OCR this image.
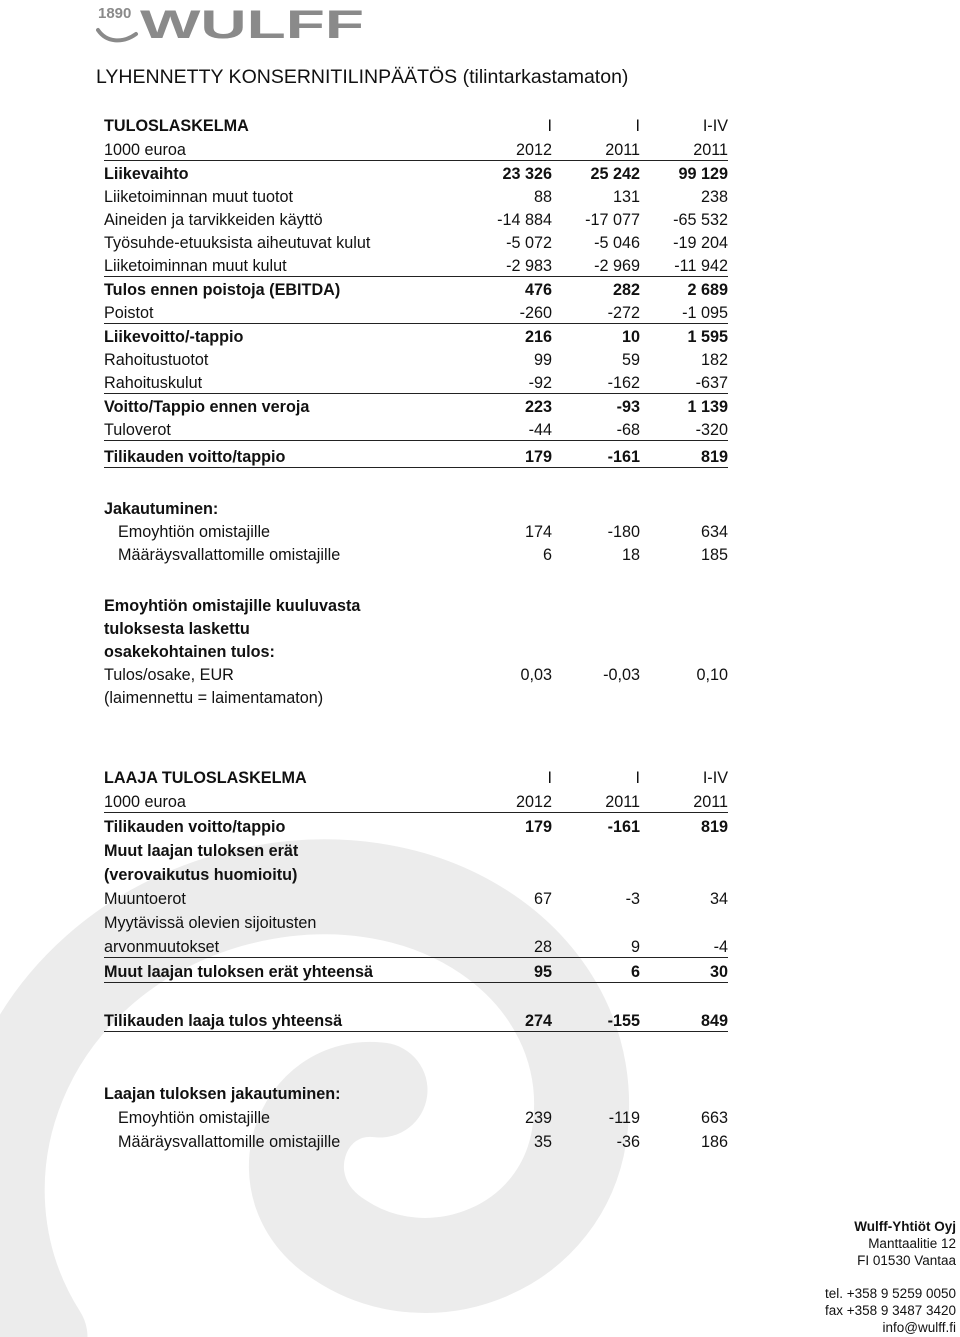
1890 WULFF
LYHENNETTY KONSERNITILINPÄÄTÖS (tilintarkastamaton)
TULOSLASKELMA	I	I	I-IV
1000 euroa	2012	2011	2011
Liikevaihto	23 326	25 242	99 129
Liiketoiminnan muut tuotot	88	131	238
Aineiden ja tarvikkeiden käyttö	-14 884	-17 077	-65 532
Työsuhde-etuuksista aiheutuvat kulut	-5 072	-5 046	-19 204
Liiketoiminnan muut kulut	-2 983	-2 969	-11 942
Tulos ennen poistoja (EBITDA)	476	282	2 689
Poistot	-260	-272	-1 095
Liikevoitto/-tappio	216	10	1 595
Rahoitustuotot	99	59	182
Rahoituskulut	-92	-162	-637
Voitto/Tappio ennen veroja	223	-93	1 139
Tuloverot	-44	-68	-320
Tilikauden voitto/tappio	179	-161	819

Jakautuminen:			
Emoyhtiön omistajille	174	-180	634
Määräysvallattomille omistajille	6	18	185

Emoyhtiön omistajille kuuluvasta			
tuloksesta laskettu			
osakekohtainen tulos:			
Tulos/osake, EUR	0,03	-0,03	0,10
(laimennettu = laimentamaton)			
LAAJA TULOSLASKELMA	I	I	I-IV
1000 euroa	2012	2011	2011
Tilikauden voitto/tappio	179	-161	819
Muut laajan tuloksen erät			
(verovaikutus huomioitu)			
Muuntoerot	67	-3	34
Myytävissä olevien sijoitusten			
arvonmuutokset	28	9	-4
Muut laajan tuloksen erät yhteensä	95	6	30

Tilikauden laaja tulos yhteensä	274	-155	849

Laajan tuloksen jakautuminen:			
Emoyhtiön omistajille	239	-119	663
Määräysvallattomille omistajille	35	-36	186
Wulff-Yhtiöt Oyj
Manttaalitie 12
FI 01530 Vantaa
tel. +358 9 5259 0050
fax +358 9 3487 3420
info@wulff.fi
